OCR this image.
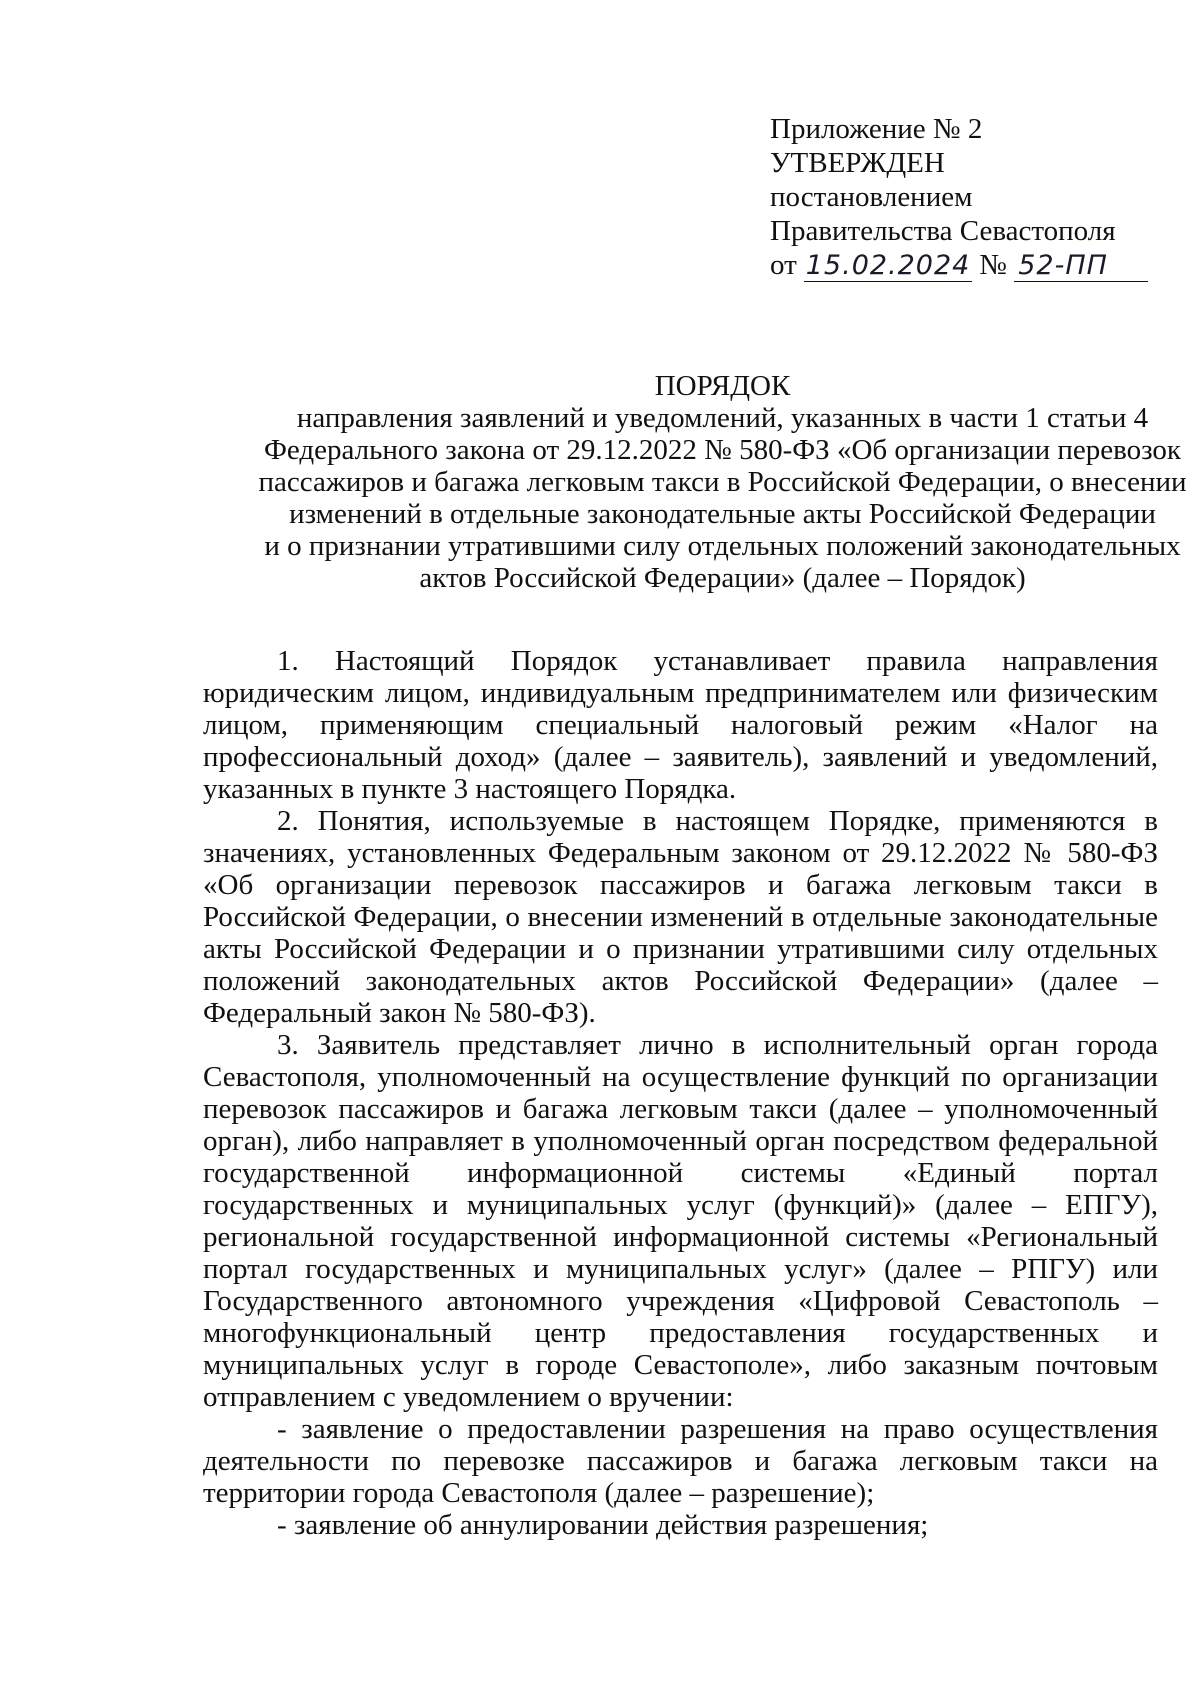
Приложение № 2
УТВЕРЖДЕН
постановлением
Правительства Севастополя
от 15.02.2024 № 52-ПП
ПОРЯДОК
направления заявлений и уведомлений, указанных в части 1 статьи 4
Федерального закона от 29.12.2022 № 580-ФЗ «Об организации перевозок
пассажиров и багажа легковым такси в Российской Федерации, о внесении
изменений в отдельные законодательные акты Российской Федерации
и о признании утратившими силу отдельных положений законодательных
актов Российской Федерации» (далее – Порядок)

1. Настоящий Порядок устанавливает правила направления юридическим лицом, индивидуальным предпринимателем или физическим лицом, применяющим специальный налоговый режим «Налог на профессиональный доход» (далее – заявитель), заявлений и уведомлений, указанных в пункте 3 настоящего Порядка.

2. Понятия, используемые в настоящем Порядке, применяются в значениях, установленных Федеральным законом от 29.12.2022 № 580-ФЗ «Об организации перевозок пассажиров и багажа легковым такси в Российской Федерации, о внесении изменений в отдельные законодательные акты Российской Федерации и о признании утратившими силу отдельных положений законодательных актов Российской Федерации» (далее – Федеральный закон № 580-ФЗ).

3. Заявитель представляет лично в исполнительный орган города Севастополя, уполномоченный на осуществление функций по организации перевозок пассажиров и багажа легковым такси (далее – уполномоченный орган), либо направляет в уполномоченный орган посредством федеральной государственной информационной системы «Единый портал государственных и муниципальных услуг (функций)» (далее – ЕПГУ), региональной государственной информационной системы «Региональный портал государственных и муниципальных услуг» (далее – РПГУ) или Государственного автономного учреждения «Цифровой Севастополь – многофункциональный центр предоставления государственных и муниципальных услуг в городе Севастополе», либо заказным почтовым отправлением с уведомлением о вручении:

- заявление о предоставлении разрешения на право осуществления деятельности по перевозке пассажиров и багажа легковым такси на территории города Севастополя (далее – разрешение);

- заявление об аннулировании действия разрешения;
